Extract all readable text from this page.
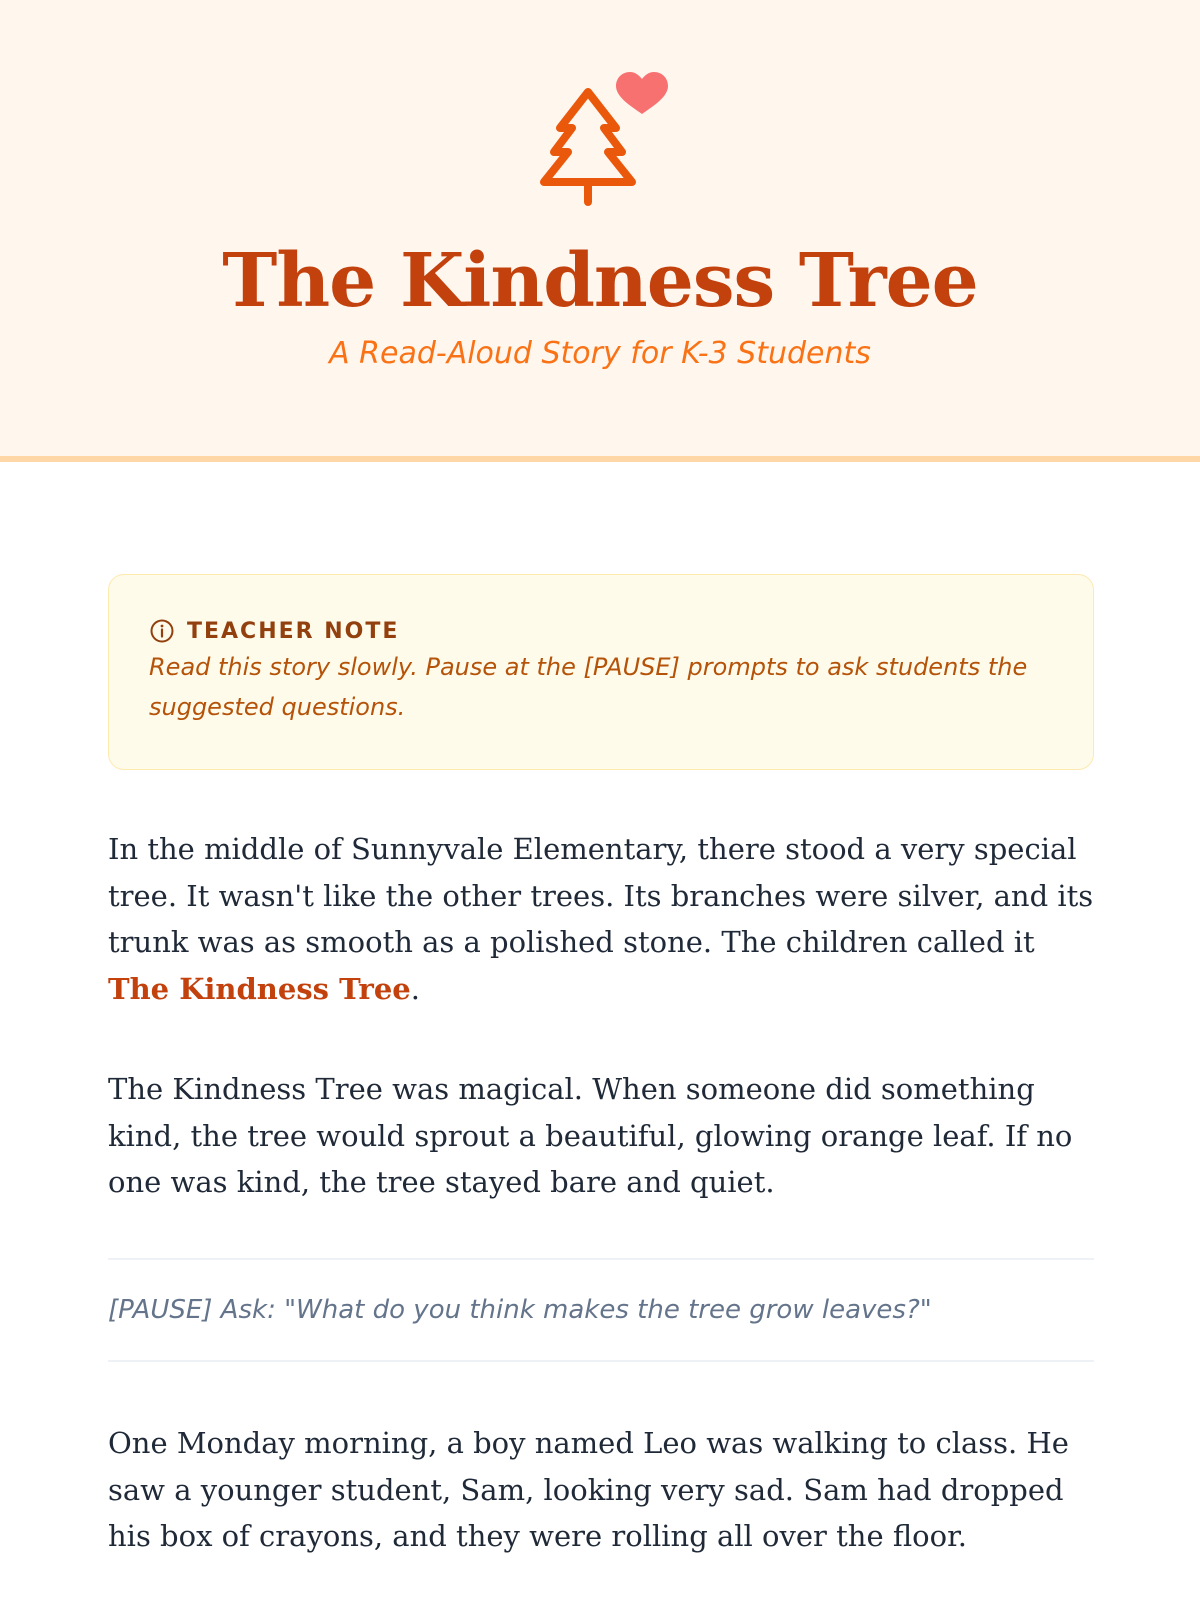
The Kindness Tree
A Read-Aloud Story for K-3 Students
TEACHER NOTE
Read this story slowly. Pause at the [PAUSE] prompts to ask students the suggested questions.

In the middle of Sunnyvale Elementary, there stood a very special tree. It wasn't like the other trees. Its branches were silver, and its trunk was as smooth as a polished stone. The children called it The Kindness Tree.

The Kindness Tree was magical. When someone did something kind, the tree would sprout a beautiful, glowing orange leaf. If no one was kind, the tree stayed bare and quiet.

[PAUSE] Ask: "What do you think makes the tree grow leaves?"

One Monday morning, a boy named Leo was walking to class. He saw a younger student, Sam, looking very sad. Sam had dropped his box of crayons, and they were rolling all over the floor.
